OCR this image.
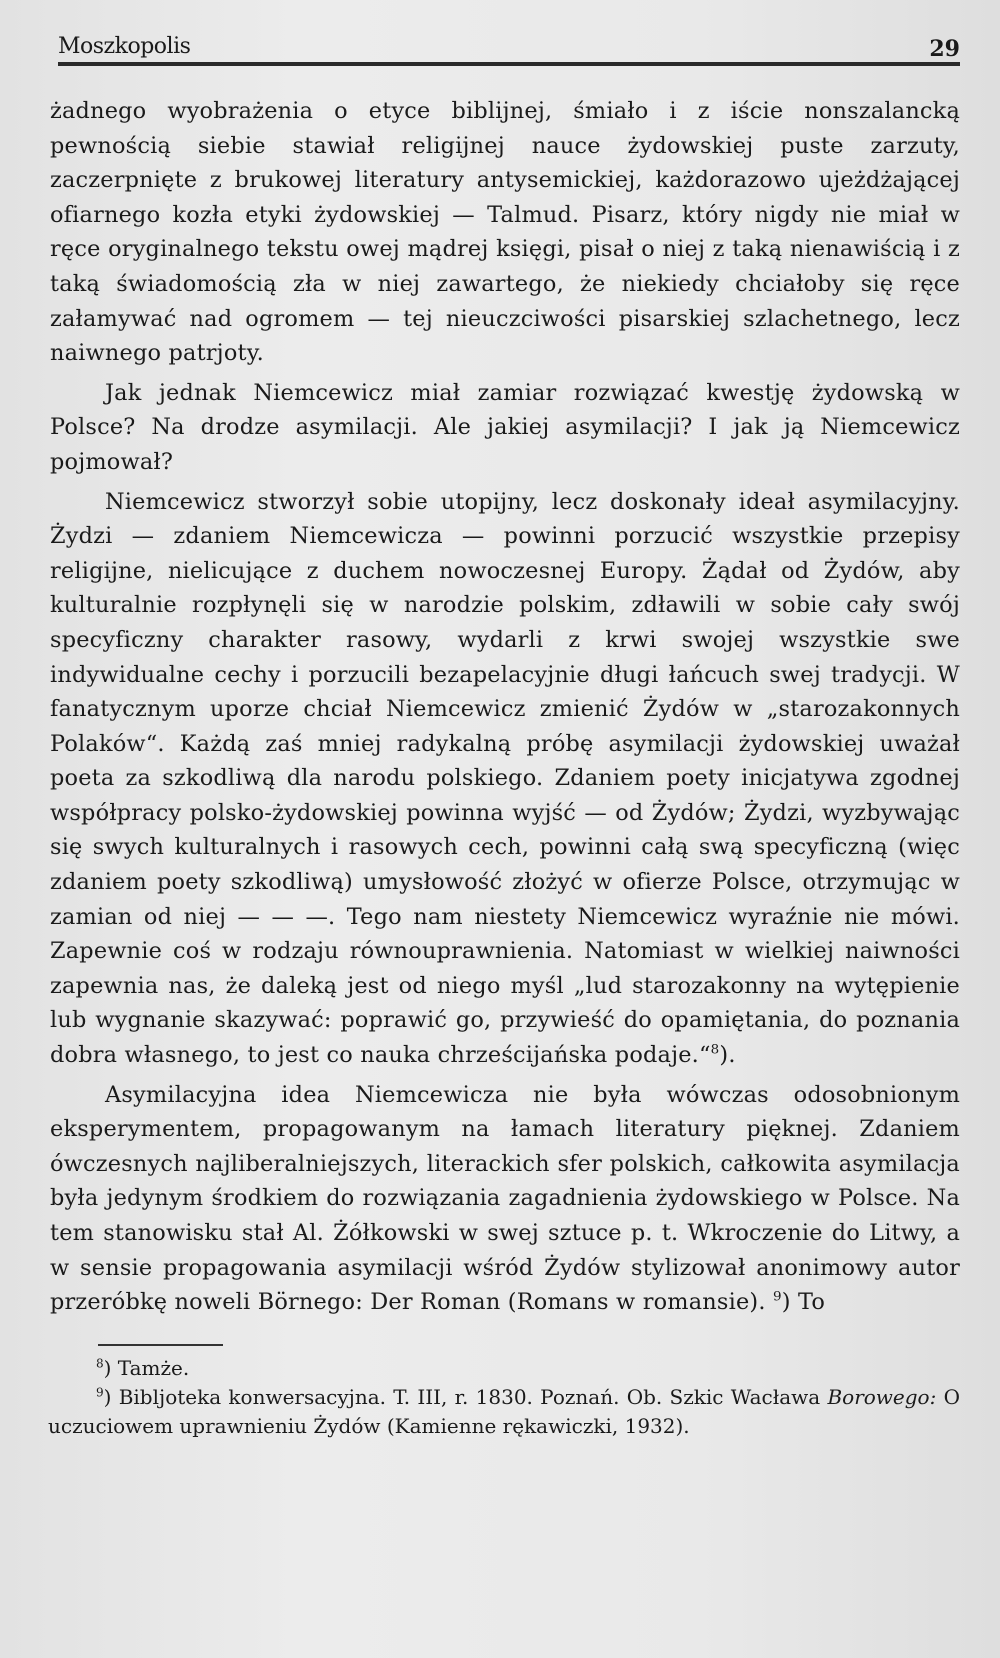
Moszkopolis	29

żadnego wyobrażenia o etyce biblijnej, śmiało i z iście nonszalancką pewnością siebie stawiał religijnej nauce żydowskiej puste zarzuty, zaczerpnięte z brukowej literatury antysemickiej, każdorazowo ujeżdżającej ofiarnego kozła etyki żydowskiej — Talmud. Pisarz, który nigdy nie miał w ręce oryginalnego tekstu owej mądrej księgi, pisał o niej z taką nienawiścią i z taką świadomością zła w niej zawartego, że niekiedy chciałoby się ręce załamywać nad ogromem — tej nieuczciwości pisarskiej szlachetnego, lecz naiwnego patrjoty.

Jak jednak Niemcewicz miał zamiar rozwiązać kwestję żydowską w Polsce? Na drodze asymilacji. Ale jakiej asymilacji? I jak ją Niemcewicz pojmował?

Niemcewicz stworzył sobie utopijny, lecz doskonały ideał asymilacyjny. Żydzi — zdaniem Niemcewicza — powinni porzucić wszystkie przepisy religijne, nielicujące z duchem nowoczesnej Europy. Żądał od Żydów, aby kulturalnie rozpłynęli się w narodzie polskim, zdławili w sobie cały swój specyficzny charakter rasowy, wydarli z krwi swojej wszystkie swe indywidualne cechy i porzucili bezapelacyjnie długi łańcuch swej tradycji. W fanatycznym uporze chciał Niemcewicz zmienić Żydów w „starozakonnych Polaków“. Każdą zaś mniej radykalną próbę asymilacji żydowskiej uważał poeta za szkodliwą dla narodu polskiego. Zdaniem poety inicjatywa zgodnej współpracy polsko-żydowskiej powinna wyjść — od Żydów; Żydzi, wyzbywając się swych kulturalnych i rasowych cech, powinni całą swą specyficzną (więc zdaniem poety szkodliwą) umysłowość złożyć w ofierze Polsce, otrzymując w zamian od niej — — —. Tego nam niestety Niemcewicz wyraźnie nie mówi. Zapewnie coś w rodzaju równouprawnienia. Natomiast w wielkiej naiwności zapewnia nas, że daleką jest od niego myśl „lud starozakonny na wytępienie lub wygnanie skazywać: poprawić go, przywieść do opamiętania, do poznania dobra własnego, to jest co nauka chrześcijańska podaje.“$^8$).

Asymilacyjna idea Niemcewicza nie była wówczas odosobnionym eksperymentem, propagowanym na łamach literatury pięknej. Zdaniem ówczesnych najliberalniejszych, literackich sfer polskich, całkowita asymilacja była jedynym środkiem do rozwiązania zagadnienia żydowskiego w Polsce. Na tem stanowisku stał Al. Żółkowski w swej sztuce p. t. Wkroczenie do Litwy, a w sensie propagowania asymilacji wśród Żydów stylizował anonimowy autor przeróbkę noweli Börnego: Der Roman (Romans w romansie). $^9$) To

$^8$) Tamże.

$^9$) Bibljoteka konwersacyjna. T. III, r. 1830. Poznań. Ob. Szkic Wacława Borowego: O uczuciowem uprawnieniu Żydów (Kamienne rękawiczki, 1932).
